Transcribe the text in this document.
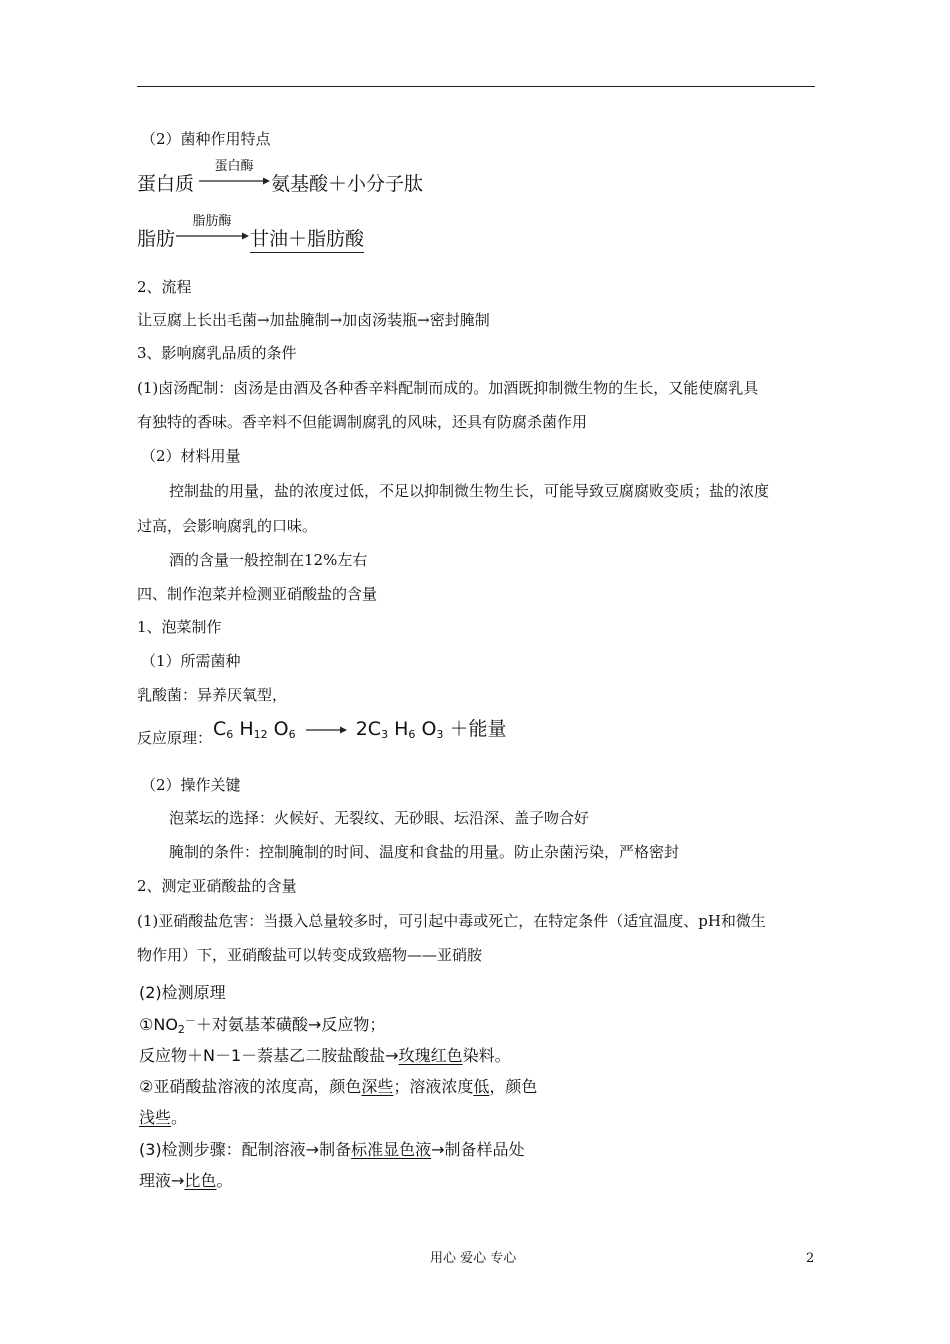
（2）菌种作用特点
蛋白质
蛋白酶
氨基酸＋小分子肽
脂肪
脂肪酶
甘油＋脂肪酸
2、流程
让豆腐上长出毛菌→加盐腌制→加卤汤装瓶→密封腌制
3、影响腐乳品质的条件
(1)卤汤配制：卤汤是由酒及各种香辛料配制而成的。加酒既抑制微生物的生长，又能使腐乳具
有独特的香味。香辛料不但能调制腐乳的风味，还具有防腐杀菌作用
（2）材料用量
控制盐的用量，盐的浓度过低，不足以抑制微生物生长，可能导致豆腐腐败变质；盐的浓度
过高，会影响腐乳的口味。
酒的含量一般控制在12%左右
四、制作泡菜并检测亚硝酸盐的含量
1、泡菜制作
（1）所需菌种
乳酸菌：异养厌氧型，
反应原理： $C_6$ $H_{12}$ $O_6 \to 2C_3$ $H_6$ $O_3$ ＋能量
（2）操作关键
泡菜坛的选择：火候好、无裂纹、无砂眼、坛沿深、盖子吻合好
腌制的条件：控制腌制的时间、温度和食盐的用量。防止杂菌污染，严格密封
2、测定亚硝酸盐的含量
(1)亚硝酸盐危害：当摄入总量较多时，可引起中毒或死亡，在特定条件（适宜温度、pH和微生
物作用）下，亚硝酸盐可以转变成致癌物——亚硝胺
(2)检测原理
$①NO_2^-+$对氨基苯磺酸→反应物；
反应物＋N－1－萘基乙二胺盐酸盐→玫瑰红色染料。
②亚硝酸盐溶液的浓度高，颜色深些；溶液浓度低，颜色
浅些。
(3)检测步骤：配制溶液→制备标准显色液→制备样品处
理液→比色。
用心 爱心 专心	2
